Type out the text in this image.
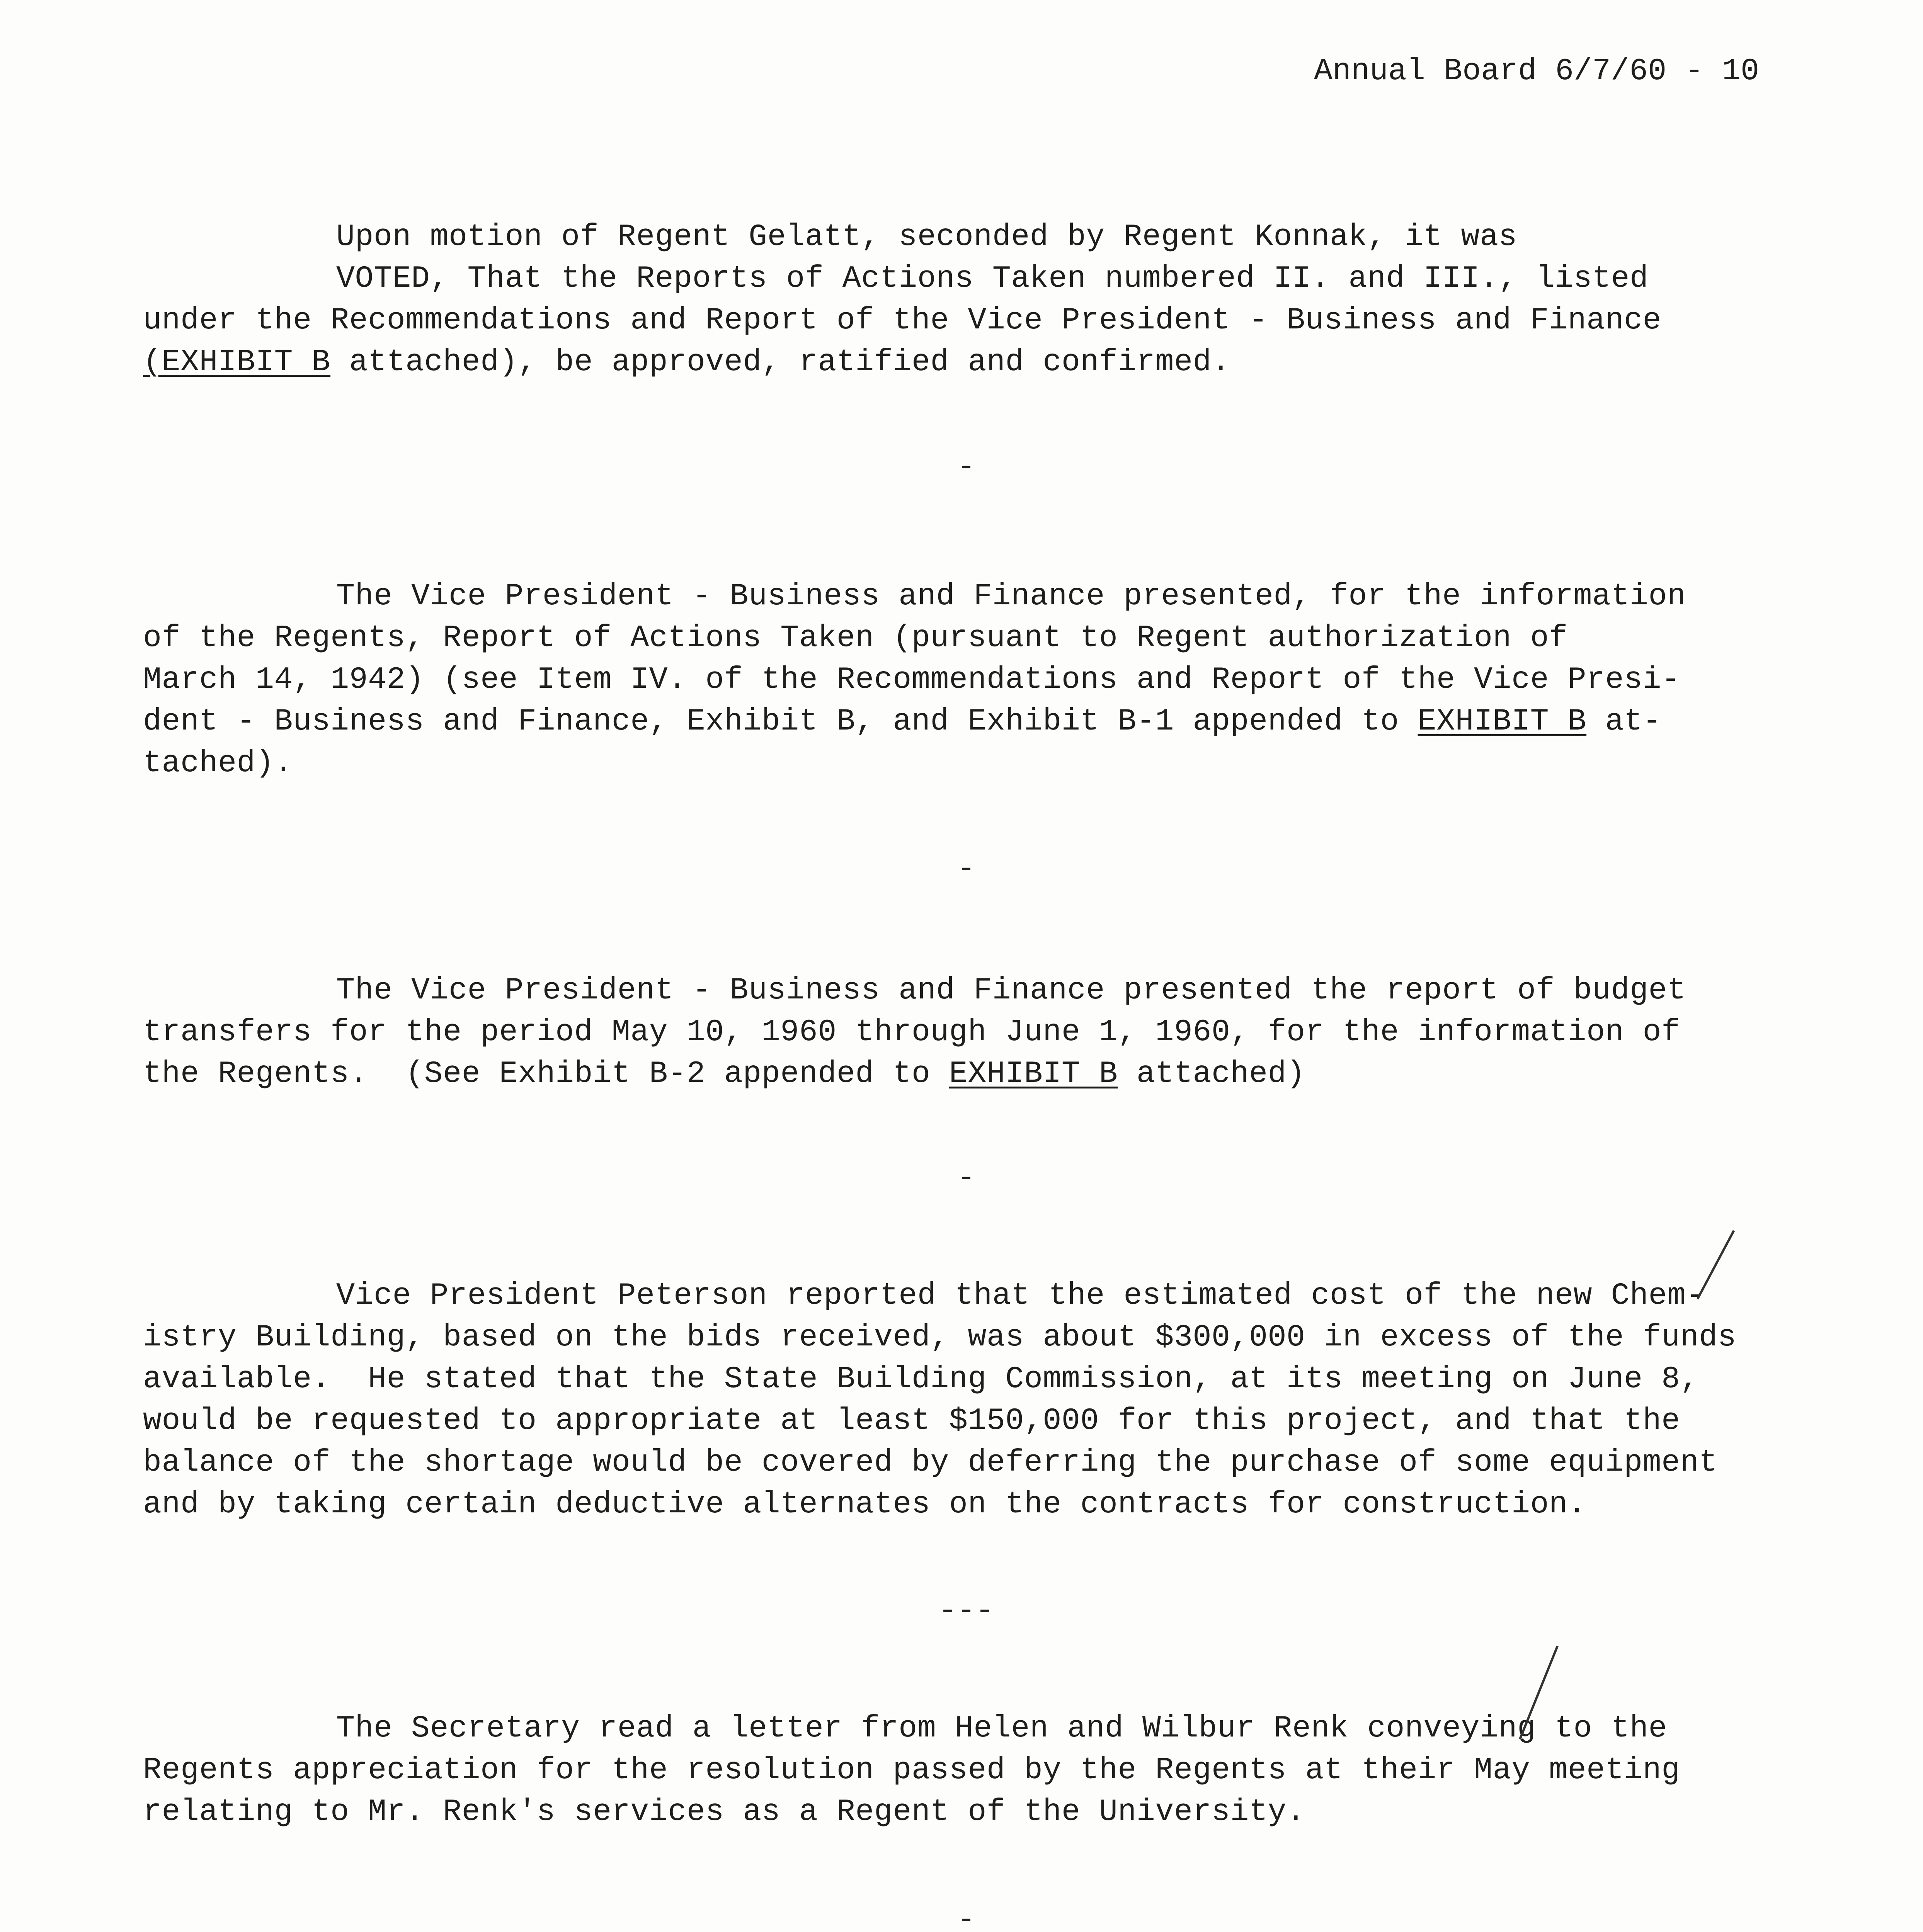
Annual Board 6/7/60 - 10
Upon motion of Regent Gelatt, seconded by Regent Konnak, it was
VOTED, That the Reports of Actions Taken numbered II. and III., listed
under the Recommendations and Report of the Vice President - Business and Finance
(EXHIBIT B attached), be approved, ratified and confirmed.
-
The Vice President - Business and Finance presented, for the information
of the Regents, Report of Actions Taken (pursuant to Regent authorization of
March 14, 1942) (see Item IV. of the Recommendations and Report of the Vice Presi-
dent - Business and Finance, Exhibit B, and Exhibit B-1 appended to EXHIBIT B at-
tached).
-
The Vice President - Business and Finance presented the report of budget
transfers for the period May 10, 1960 through June 1, 1960, for the information of
the Regents.  (See Exhibit B-2 appended to EXHIBIT B attached)
-
Vice President Peterson reported that the estimated cost of the new Chem-
istry Building, based on the bids received, was about $300,000 in excess of the funds
available.  He stated that the State Building Commission, at its meeting on June 8,
would be requested to appropriate at least $150,000 for this project, and that the
balance of the shortage would be covered by deferring the purchase of some equipment
and by taking certain deductive alternates on the contracts for construction.
---
The Secretary read a letter from Helen and Wilbur Renk conveying to the
Regents appreciation for the resolution passed by the Regents at their May meeting
relating to Mr. Renk's services as a Regent of the University.
-
